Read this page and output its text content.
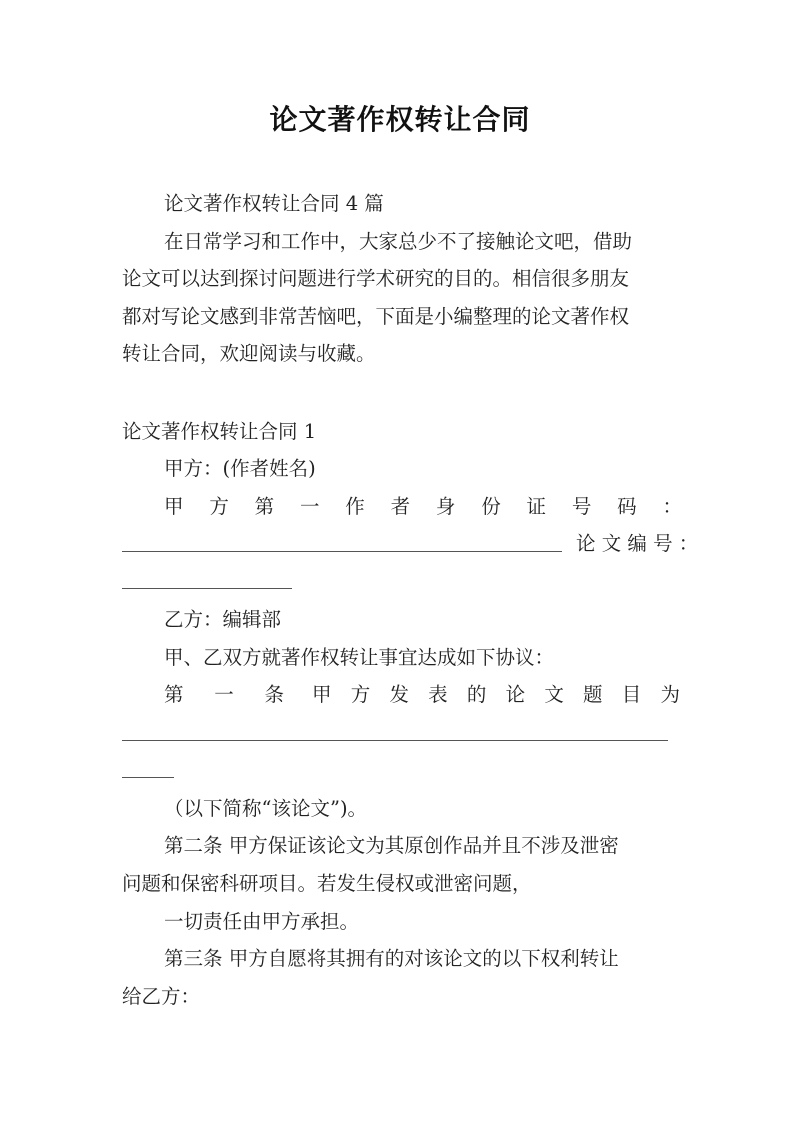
论文著作权转让合同
论文著作权转让合同 4 篇
在日常学习和工作中，大家总少不了接触论文吧，借助
论文可以达到探讨问题进行学术研究的目的。相信很多朋友
都对写论文感到非常苦恼吧，下面是小编整理的论文著作权
转让合同，欢迎阅读与收藏。
论文著作权转让合同 1
甲方：(作者姓名)
甲 方 第 一 作 者 身 份 证 号 码 ：
论 文 编 号 ：
乙方：编辑部
甲、乙双方就著作权转让事宜达成如下协议：
第 一 条 甲 方 发 表 的 论 文 题 目 为
（以下简称“该论文”)。
第二条 甲方保证该论文为其原创作品并且不涉及泄密
问题和保密科研项目。若发生侵权或泄密问题，
一切责任由甲方承担。
第三条 甲方自愿将其拥有的对该论文的以下权利转让
给乙方：
